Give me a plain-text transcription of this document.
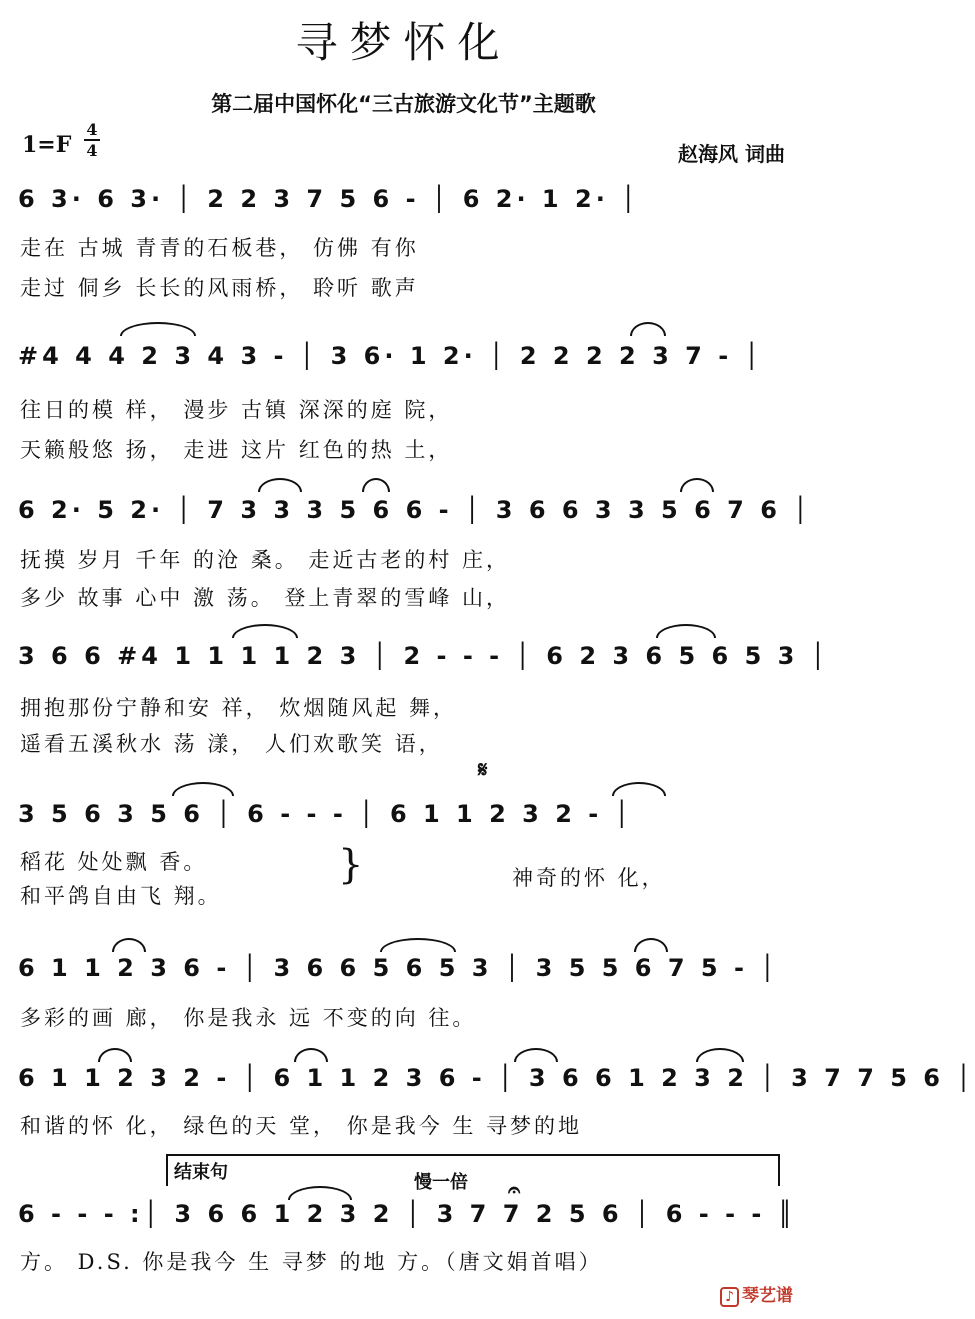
寻梦怀化
第二届中国怀化“三古旅游文化节”主题歌
1=F
4
4	赵海风 词曲
6 3· 6 3· │ 2 2 3 7 5 6 - │ 6 2· 1 2· │
走在 古城 青青的石板巷， 仿佛 有你
走过 侗乡 长长的风雨桥， 聆听 歌声
#4 4 4 2 3 4 3 - │ 3 6· 1 2· │ 2 2 2 2 3 7 - │
往日的模 样， 漫步 古镇 深深的庭 院，
天籁般悠 扬， 走进 这片 红色的热 土，
6 2· 5 2· │ 7 3 3 3 5 6 6 - │ 3 6 6 3 3 5 6 7 6 │
抚摸 岁月 千年 的沧 桑。 走近古老的村 庄，
多少 故事 心中 激 荡。 登上青翠的雪峰 山，
3 6 6 #4 1 1 1 1 2 3 │ 2 - - - │ 6 2 3 6 5 6 5 3 │
拥抱那份宁静和安 祥， 炊烟随风起 舞，
遥看五溪秋水 荡 漾， 人们欢歌笑 语，
𝄋
3 5 6 3 5 6 │ 6 - - - │ 6 1 1 2 3 2 - │
稻花 处处飘 香。
和平鸽自由飞 翔。
}	神奇的怀 化，
6 1 1 2 3 6 - │ 3 6 6 5 6 5 3 │ 3 5 5 6 7 5 - │
多彩的画 廊， 你是我永 远 不变的向 往。
6 1 1 2 3 2 - │ 6 1 1 2 3 6 - │ 3 6 6 1 2 3 2 │ 3 7 7 5 6 │
和谐的怀 化， 绿色的天 堂， 你是我今 生 寻梦的地
结束句	慢一倍 𝄐
6 - - - :│ 3 6 6 1 2 3 2 │ 3 7 7 2 5 6 │ 6 - - - ║
方。 D.S. 你是我今 生 寻梦 的地 方。（唐文娟首唱）
♪ 琴艺谱
